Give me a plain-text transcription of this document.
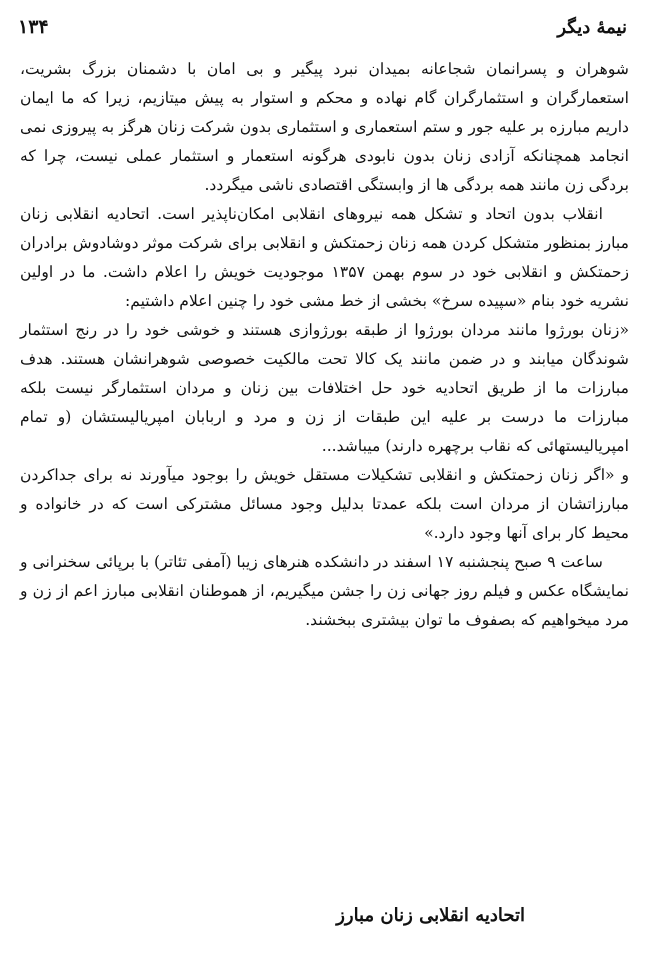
نیمهٔ دیگر
۱۳۴

شوهران و پسرانمان شجاعانه بمیدان نبرد پیگیر و بی امان با دشمنان بزرگ بشریت، استعمارگران و استثمارگران گام نهاده و محکم و استوار به پیش میتازیم، زیرا که ما ایمان داریم مبارزه بر علیه جور و ستم استعماری و استثماری بدون شرکت زنان هرگز به پیروزی نمی انجامد همچنانکه آزادی زنان بدون نابودی هرگونه استعمار و استثمار عملی نیست، چرا که بردگی زن مانند همه بردگی ها از وابستگی اقتصادی ناشی میگردد.

انقلاب بدون اتحاد و تشکل همه نیروهای انقلابی امکان‌ناپذیر است. اتحادیه انقلابی زنان مبارز بمنظور متشکل کردن همه زنان زحمتکش و انقلابی برای شرکت موثر دوشادوش برادران زحمتکش و انقلابی خود در سوم بهمن ۱۳۵۷ موجودیت خویش را اعلام داشت. ما در اولین نشریه خود بنام «سپیده سرخ» بخشی از خط مشی خود را چنین اعلام داشتیم:

«زنان بورژوا مانند مردان بورژوا از طبقه بورژوازی هستند و خوشی خود را در رنج استثمار شوندگان میابند و در ضمن مانند یک کالا تحت مالکیت خصوصی شوهرانشان هستند. هدف مبارزات ما از طریق اتحادیه خود حل اختلافات بین زنان و مردان استثمارگر نیست بلکه مبارزات ما درست بر علیه این طبقات از زن و مرد و اربابان امپریالیستشان (و تمام امپریالیستهائی که نقاب برچهره دارند) میباشد...

و «اگر زنان زحمتکش و انقلابی تشکیلات مستقل خویش را بوجود میآورند نه برای جداکردن مبارزاتشان از مردان است بلکه عمدتا بدلیل وجود مسائل مشترکی است که در خانواده و محیط کار برای آنها وجود دارد.»

ساعت ۹ صبح پنجشنبه ۱۷ اسفند در دانشکده هنرهای زیبا (آمفی تئاتر) با برپائی سخنرانی و نمایشگاه عکس و فیلم روز جهانی زن را جشن میگیریم، از هموطنان انقلابی مبارز اعم از زن و مرد میخواهیم که بصفوف ما توان بیشتری ببخشند.

اتحادیه انقلابی زنان مبارز
